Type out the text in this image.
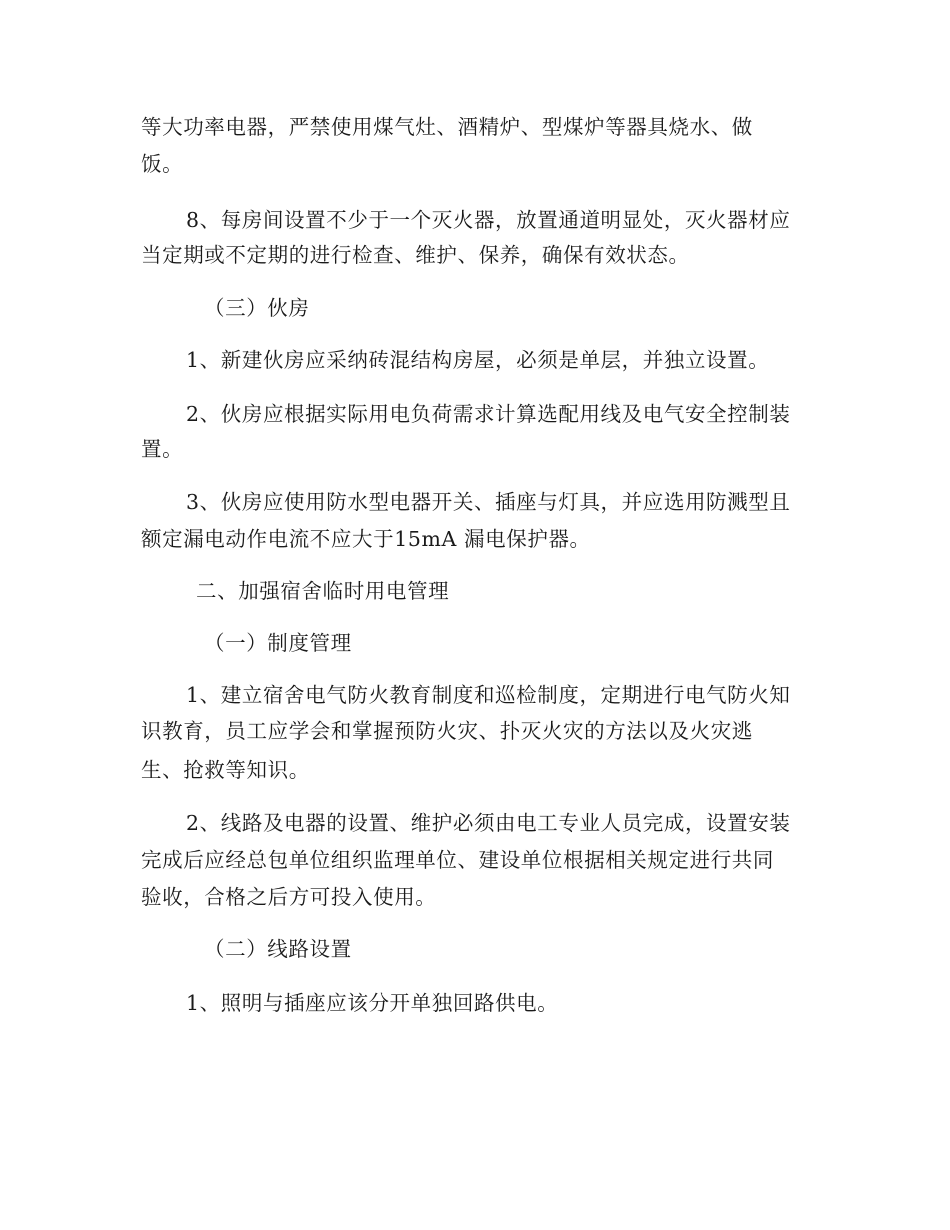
等大功率电器，严禁使用煤气灶、酒精炉、型煤炉等器具烧水、做
饭。
8、每房间设置不少于一个灭火器，放置通道明显处，灭火器材应
当定期或不定期的进行检查、维护、保养，确保有效状态。
（三）伙房
1、新建伙房应采纳砖混结构房屋，必须是单层，并独立设置。
2、伙房应根据实际用电负荷需求计算选配用线及电气安全控制装
置。
3、伙房应使用防水型电器开关、插座与灯具，并应选用防溅型且
额定漏电动作电流不应大于15mA 漏电保护器。
二、加强宿舍临时用电管理
（一）制度管理
1、建立宿舍电气防火教育制度和巡检制度，定期进行电气防火知
识教育，员工应学会和掌握预防火灾、扑灭火灾的方法以及火灾逃
生、抢救等知识。
2、线路及电器的设置、维护必须由电工专业人员完成，设置安装
完成后应经总包单位组织监理单位、建设单位根据相关规定进行共同
验收，合格之后方可投入使用。
（二）线路设置
1、照明与插座应该分开单独回路供电。
